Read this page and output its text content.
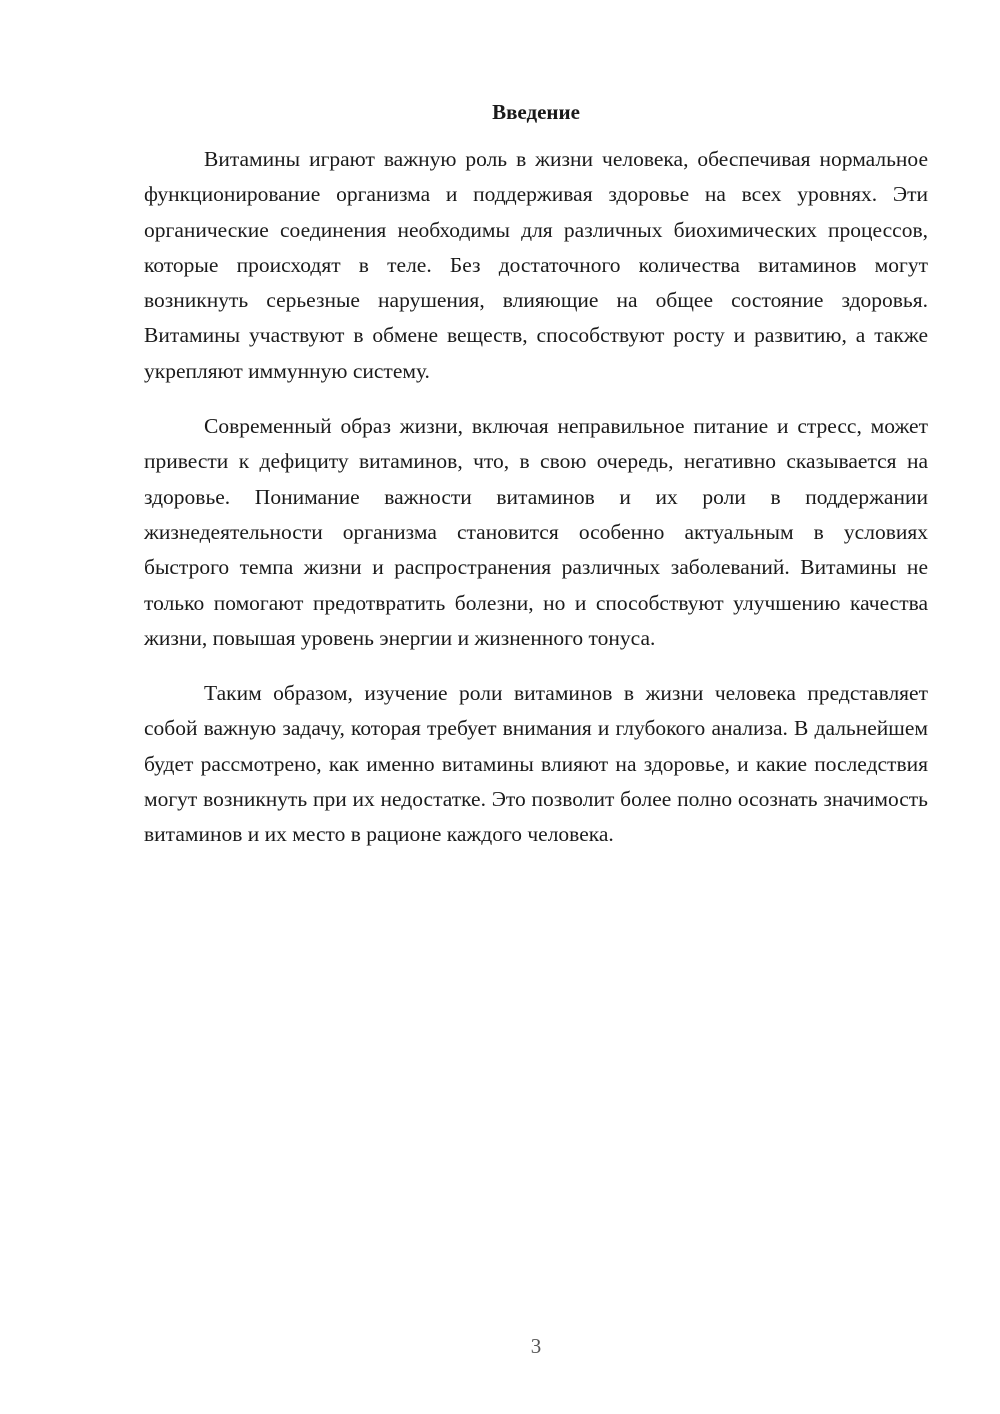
Введение

Витамины играют важную роль в жизни человека, обеспечивая нормальное функционирование организма и поддерживая здоровье на всех уровнях. Эти органические соединения необходимы для различных биохимических процессов, которые происходят в теле. Без достаточного количества витаминов могут возникнуть серьезные нарушения, влияющие на общее состояние здоровья. Витамины участвуют в обмене веществ, способствуют росту и развитию, а также укрепляют иммунную систему.

Современный образ жизни, включая неправильное питание и стресс, может привести к дефициту витаминов, что, в свою очередь, негативно сказывается на здоровье. Понимание важности витаминов и их роли в поддержании жизнедеятельности организма становится особенно актуальным в условиях быстрого темпа жизни и распространения различных заболеваний. Витамины не только помогают предотвратить болезни, но и способствуют улучшению качества жизни, повышая уровень энергии и жизненного тонуса.

Таким образом, изучение роли витаминов в жизни человека представляет собой важную задачу, которая требует внимания и глубокого анализа. В дальнейшем будет рассмотрено, как именно витамины влияют на здоровье, и какие последствия могут возникнуть при их недостатке. Это позволит более полно осознать значимость витаминов и их место в рационе каждого человека.

3
